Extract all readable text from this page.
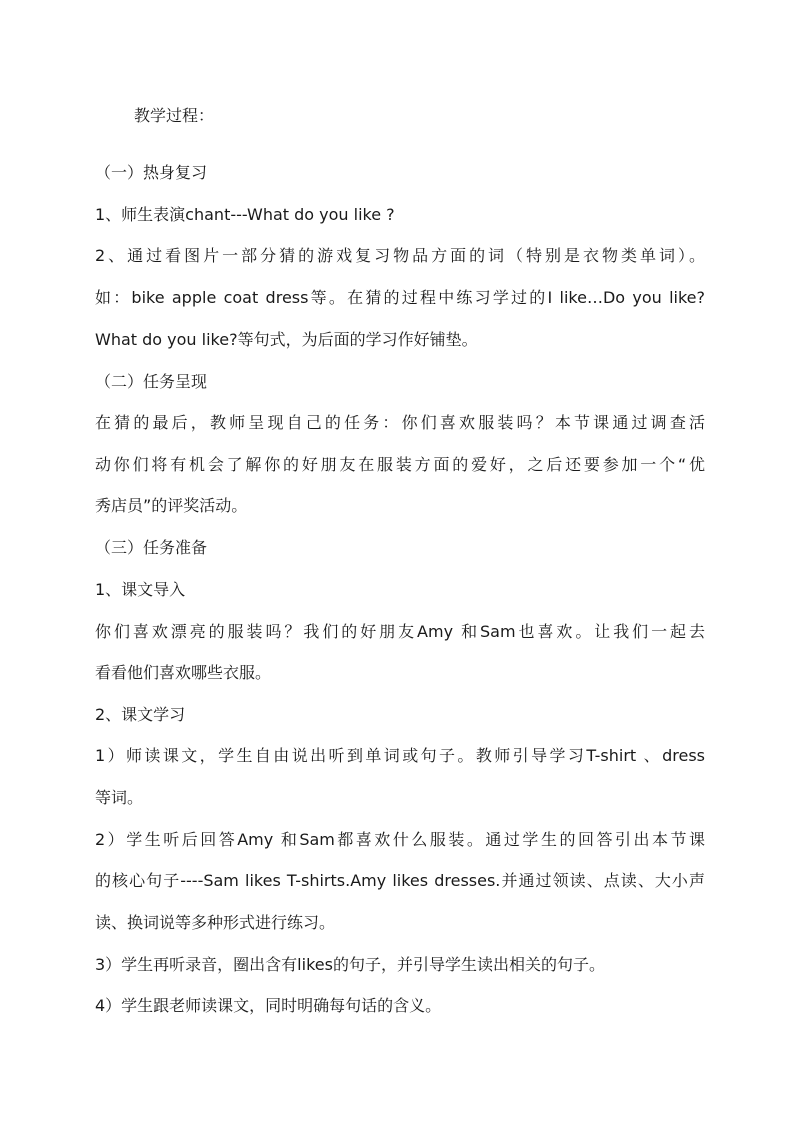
教学过程：
（一）热身复习
1、师生表演chant---What do you like ?
2、通过看图片一部分猜的游戏复习物品方面的词（特别是衣物类单词）。
如：bike apple coat dress等。在猜的过程中练习学过的I like…Do you like?
What do you like?等句式，为后面的学习作好铺垫。
（二）任务呈现
在猜的最后，教师呈现自己的任务：你们喜欢服装吗？本节课通过调查活
动你们将有机会了解你的好朋友在服装方面的爱好，之后还要参加一个“优
秀店员”的评奖活动。
（三）任务准备
1、课文导入
你们喜欢漂亮的服装吗？我们的好朋友Amy 和Sam也喜欢。让我们一起去
看看他们喜欢哪些衣服。
2、课文学习
1）师读课文，学生自由说出听到单词或句子。教师引导学习T-shirt 、dress
等词。
2）学生听后回答Amy 和Sam都喜欢什么服装。通过学生的回答引出本节课
的核心句子----Sam likes T-shirts.Amy likes dresses.并通过领读、点读、大小声
读、换词说等多种形式进行练习。
3）学生再听录音，圈出含有likes的句子，并引导学生读出相关的句子。
4）学生跟老师读课文，同时明确每句话的含义。
